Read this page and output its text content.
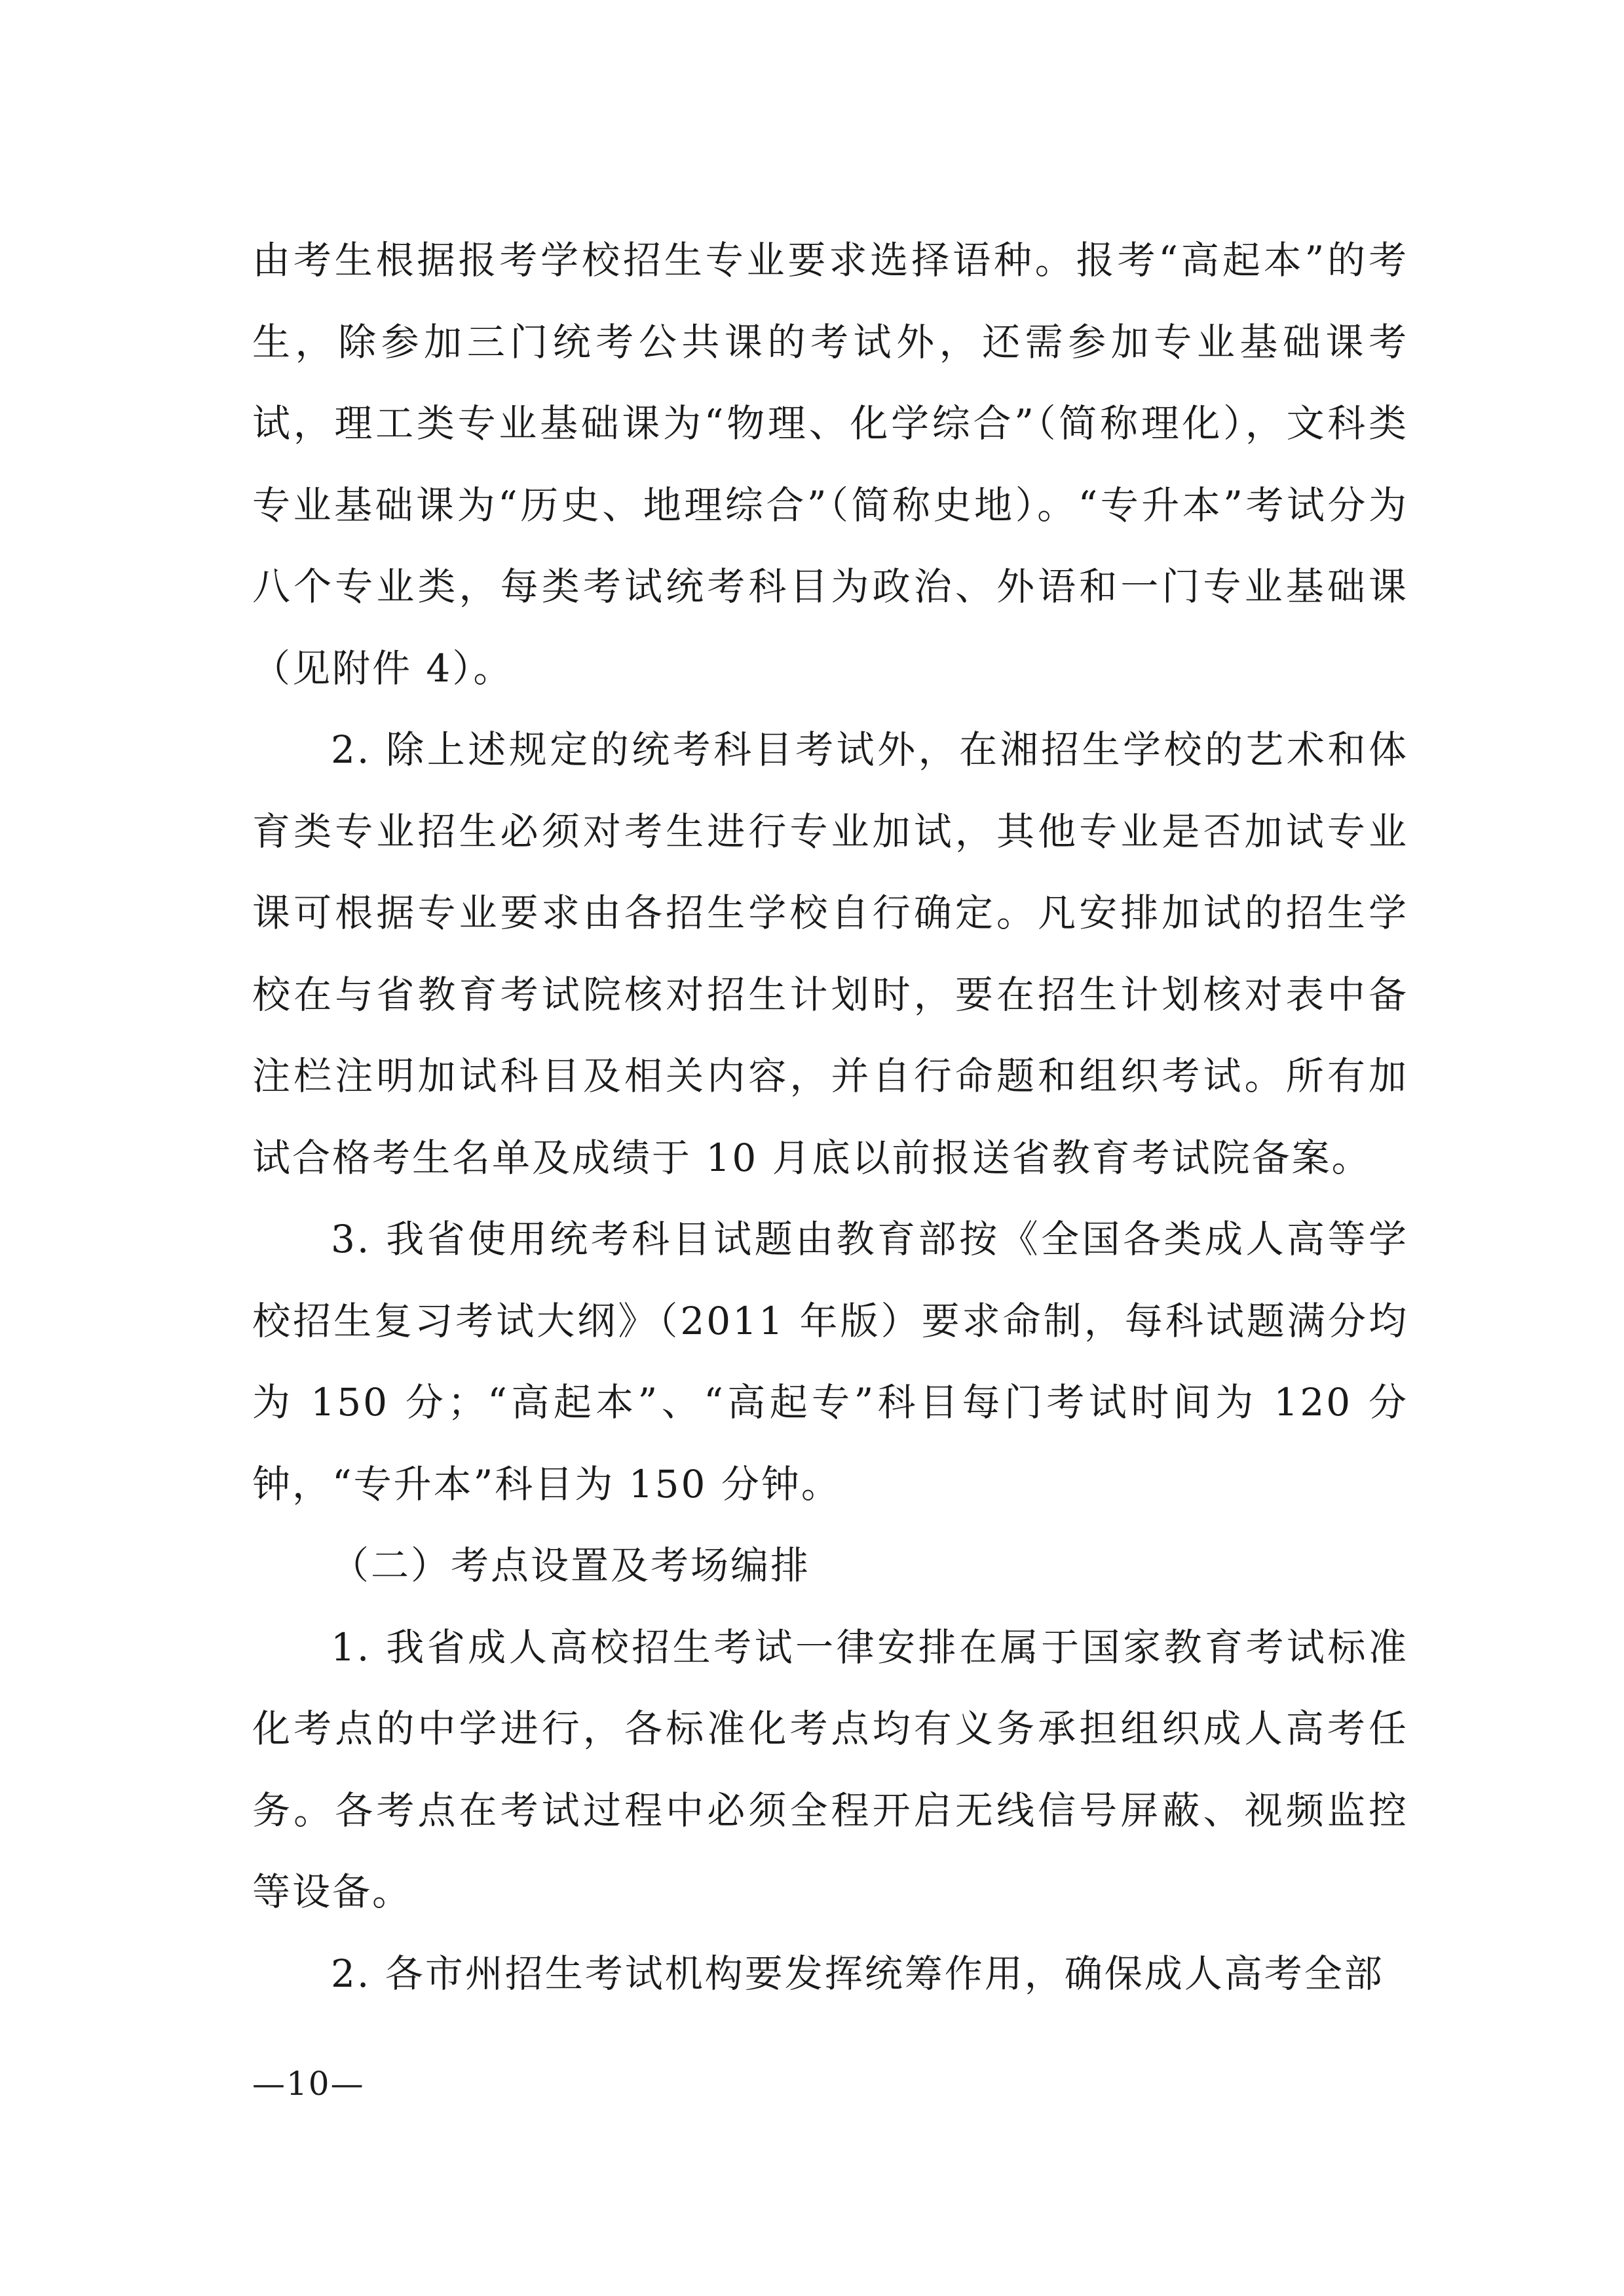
由考生根据报考学校招生专业要求选择语种。报考“高起本”的考生，除参加三门统考公共课的考试外，还需参加专业基础课考试，理工类专业基础课为“物理、化学综合”（简称理化），文科类专业基础课为“历史、地理综合”（简称史地）。“专升本”考试分为八个专业类，每类考试统考科目为政治、外语和一门专业基础课（见附件 4）。

2. 除上述规定的统考科目考试外，在湘招生学校的艺术和体育类专业招生必须对考生进行专业加试，其他专业是否加试专业课可根据专业要求由各招生学校自行确定。凡安排加试的招生学校在与省教育考试院核对招生计划时，要在招生计划核对表中备注栏注明加试科目及相关内容，并自行命题和组织考试。所有加试合格考生名单及成绩于 10 月底以前报送省教育考试院备案。

3. 我省使用统考科目试题由教育部按《全国各类成人高等学校招生复习考试大纲》（2011 年版）要求命制，每科试题满分均为 150 分；“高起本”、“高起专”科目每门考试时间为 120 分钟，“专升本”科目为 150 分钟。

（二）考点设置及考场编排

1. 我省成人高校招生考试一律安排在属于国家教育考试标准化考点的中学进行，各标准化考点均有义务承担组织成人高考任务。各考点在考试过程中必须全程开启无线信号屏蔽、视频监控等设备。

2. 各市州招生考试机构要发挥统筹作用，确保成人高考全部

—10—
